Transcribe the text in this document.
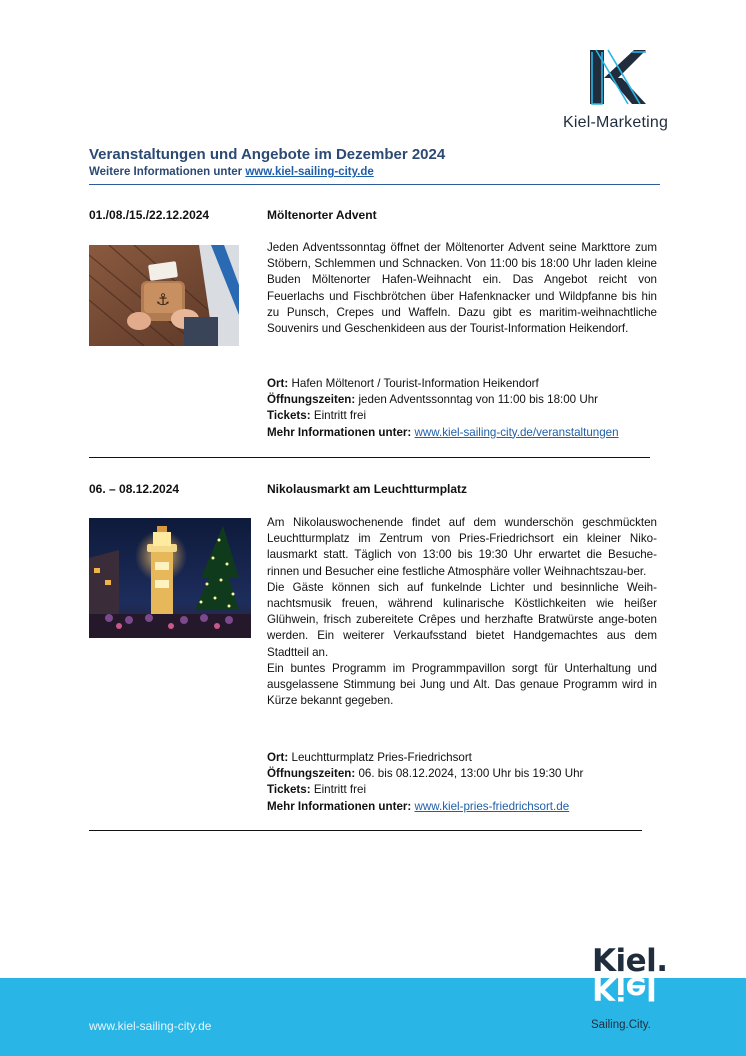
Kiel-Marketing
Veranstaltungen und Angebote im Dezember 2024
Weitere Informationen unter www.kiel-sailing-city.de
01./08./15./22.12.2024	Möltenorter Advent
⚓

Jeden Adventssonntag öffnet der Möltenorter Advent seine Markttore zum Stöbern, Schlemmen und Schnacken. Von 11:00 bis 18:00 Uhr laden kleine Buden Möltenorter Hafen-Weihnacht ein. Das Angebot reicht von Feuerlachs und Fischbrötchen über Hafenknacker und Wildpfanne bis hin zu Punsch, Crepes und Waffeln. Dazu gibt es maritim-weihnachtliche Souvenirs und Geschenkideen aus der Tourist-Information Heikendorf.

Ort: Hafen Möltenort / Tourist-Information Heikendorf
Öffnungszeiten: jeden Adventssonntag von 11:00 bis 18:00 Uhr
Tickets: Eintritt frei
Mehr Informationen unter: www.kiel-sailing-city.de/veranstaltungen
06. – 08.12.2024	Nikolausmarkt am Leuchtturmplatz

Am Nikolauswochenende findet auf dem wunderschön geschmückten Leuchtturmplatz im Zentrum von Pries-Friedrichsort ein kleiner Niko-lausmarkt statt. Täglich von 13:00 bis 19:30 Uhr erwartet die Besuche-rinnen und Besucher eine festliche Atmosphäre voller Weihnachtszau-ber.

Die Gäste können sich auf funkelnde Lichter und besinnliche Weih-nachtsmusik freuen, während kulinarische Köstlichkeiten wie heißer Glühwein, frisch zubereitete Crêpes und herzhafte Bratwürste ange-boten werden. Ein weiterer Verkaufsstand bietet Handgemachtes aus dem Stadtteil an.

Ein buntes Programm im Programmpavillon sorgt für Unterhaltung und ausgelassene Stimmung bei Jung und Alt. Das genaue Programm wird in Kürze bekannt gegeben.

Ort: Leuchtturmplatz Pries-Friedrichsort
Öffnungszeiten: 06. bis 08.12.2024, 13:00 Uhr bis 19:30 Uhr
Tickets: Eintritt frei
Mehr Informationen unter: www.kiel-pries-friedrichsort.de
www.kiel-sailing-city.de
Kiel.
Kiel
Sailing.City.
